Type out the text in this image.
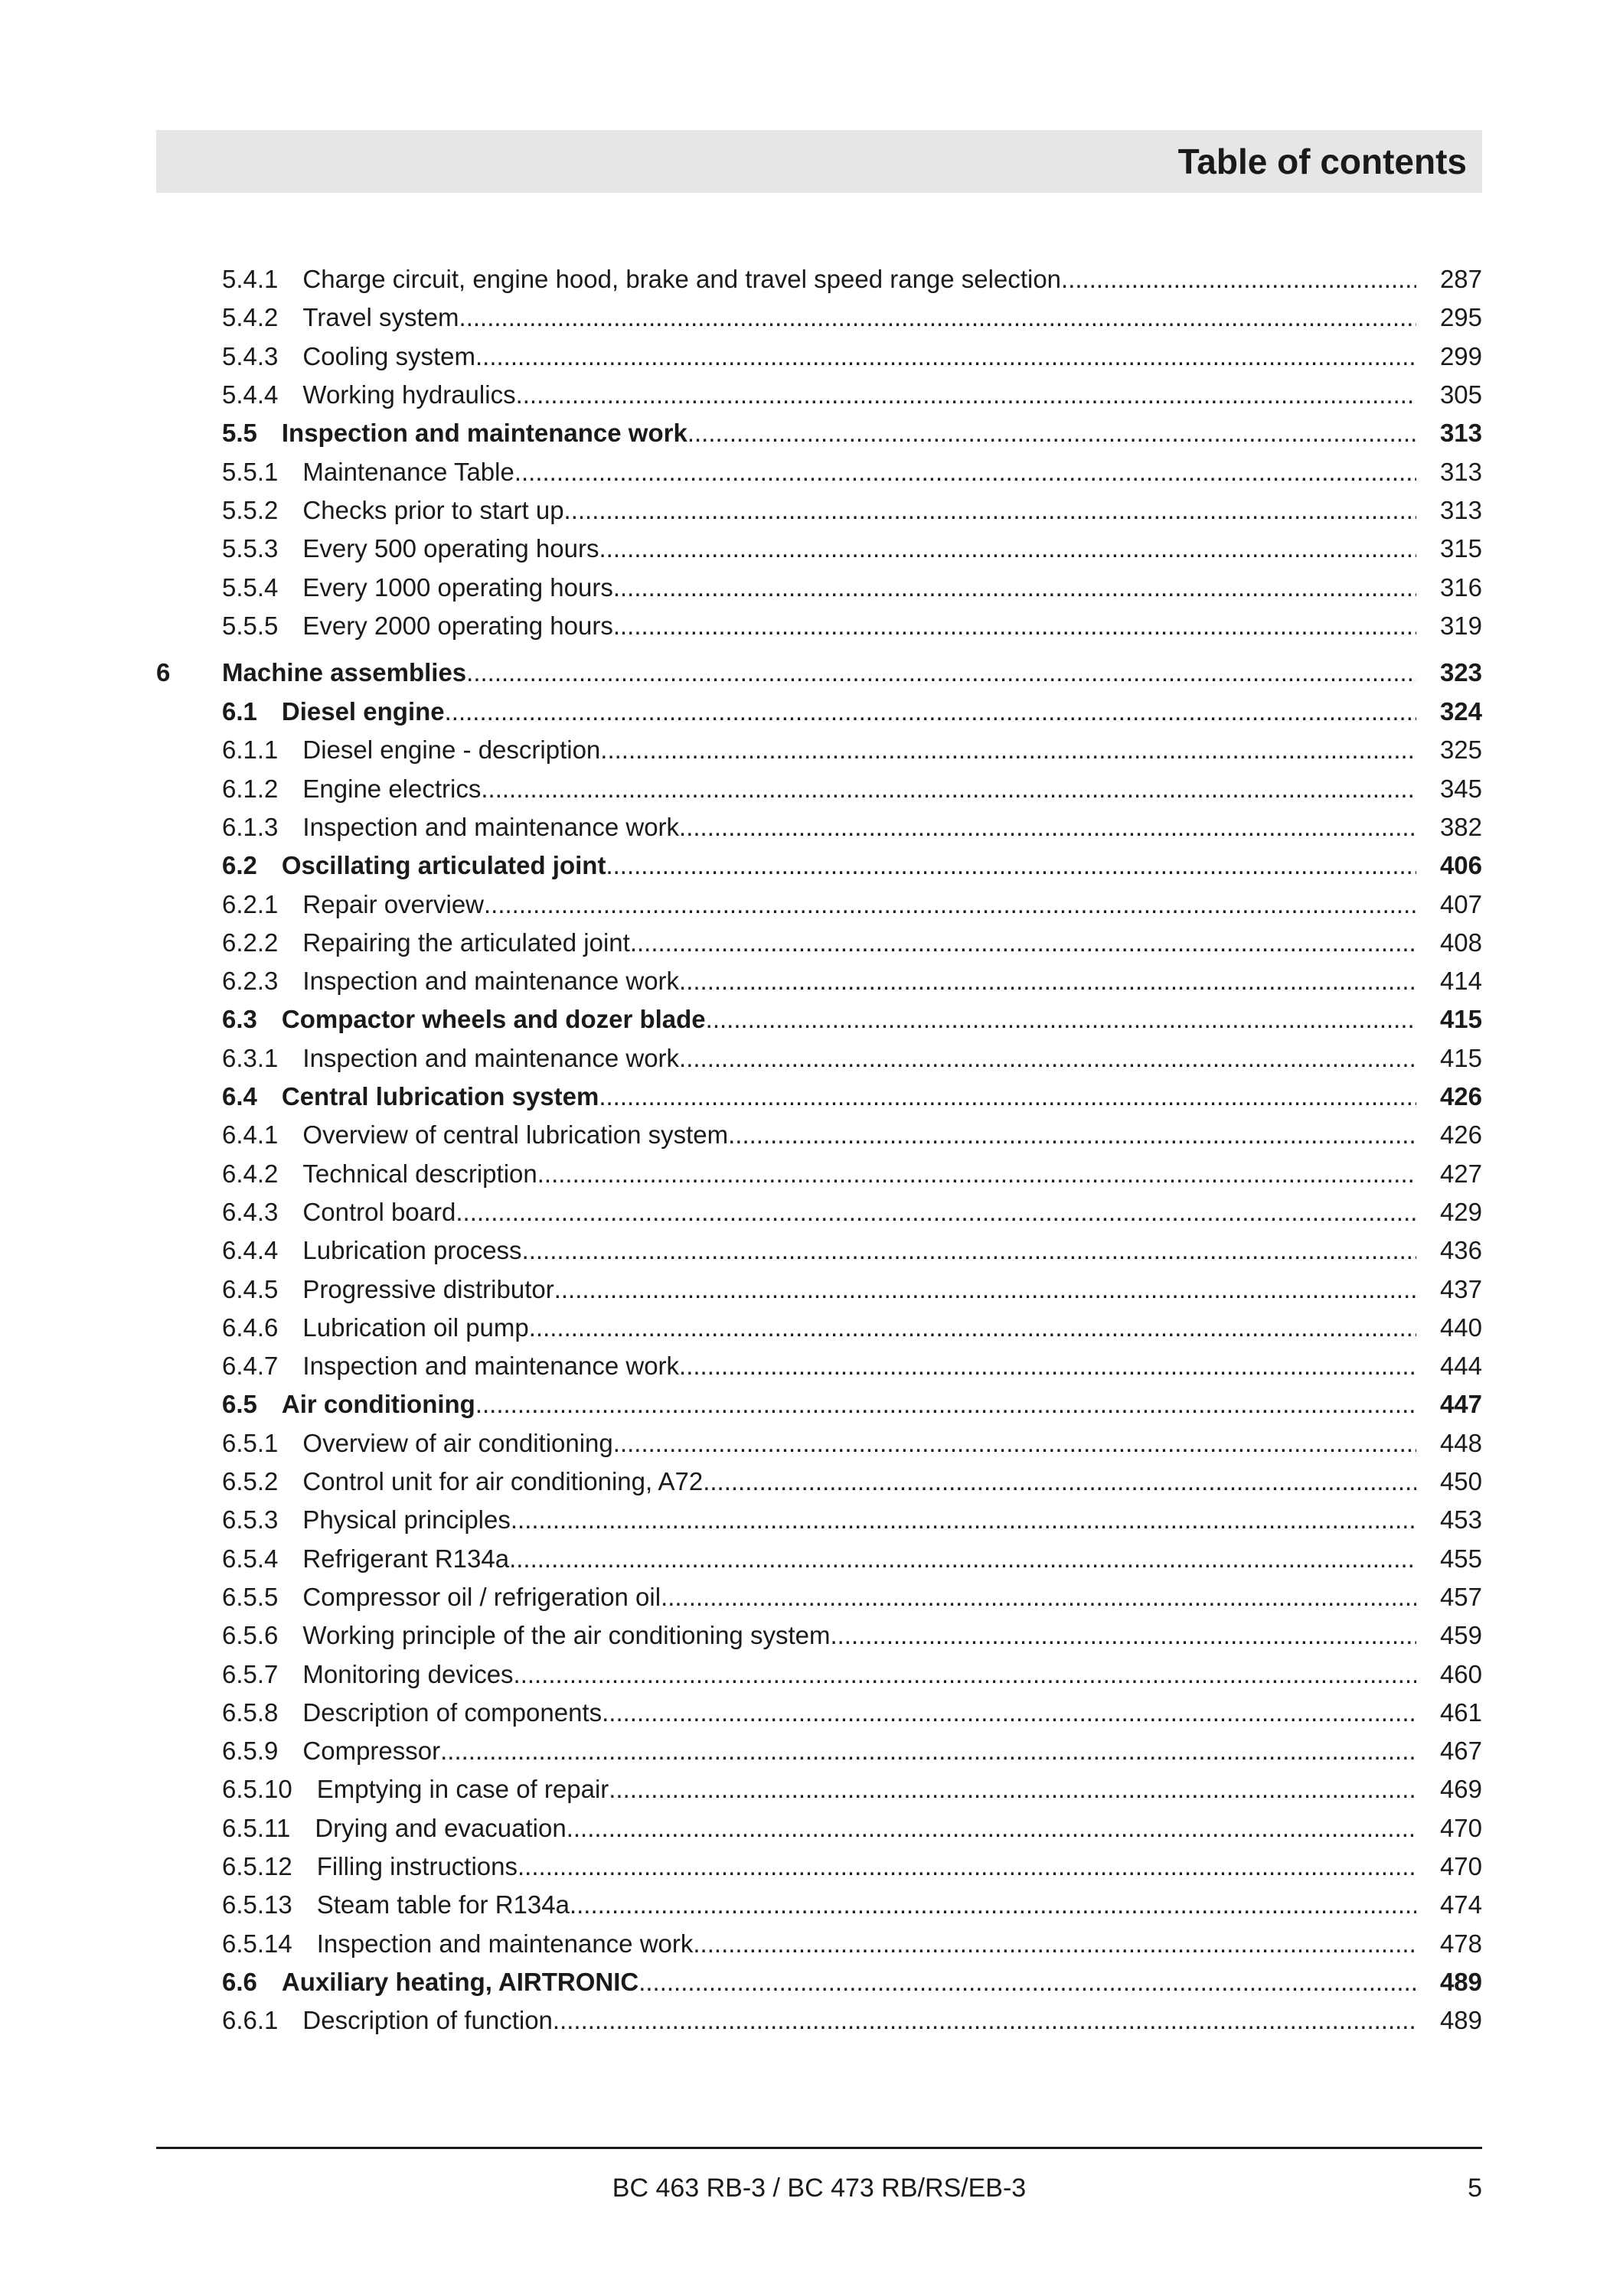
Table of contents
5.4.1 Charge circuit, engine hood, brake and travel speed range selection .....	287
5.4.2 Travel system .....	295
5.4.3 Cooling system .....	299
5.4.4 Working hydraulics .....	305
5.5 Inspection and maintenance work .....	313
5.5.1 Maintenance Table .....	313
5.5.2 Checks prior to start up .....	313
5.5.3 Every 500 operating hours .....	315
5.5.4 Every 1000 operating hours .....	316
5.5.5 Every 2000 operating hours .....	319
6 Machine assemblies .....	323
6.1 Diesel engine .....	324
6.1.1 Diesel engine - description .....	325
6.1.2 Engine electrics .....	345
6.1.3 Inspection and maintenance work .....	382
6.2 Oscillating articulated joint .....	406
6.2.1 Repair overview .....	407
6.2.2 Repairing the articulated joint .....	408
6.2.3 Inspection and maintenance work .....	414
6.3 Compactor wheels and dozer blade .....	415
6.3.1 Inspection and maintenance work .....	415
6.4 Central lubrication system .....	426
6.4.1 Overview of central lubrication system .....	426
6.4.2 Technical description .....	427
6.4.3 Control board .....	429
6.4.4 Lubrication process .....	436
6.4.5 Progressive distributor .....	437
6.4.6 Lubrication oil pump .....	440
6.4.7 Inspection and maintenance work .....	444
6.5 Air conditioning .....	447
6.5.1 Overview of air conditioning .....	448
6.5.2 Control unit for air conditioning, A72 .....	450
6.5.3 Physical principles .....	453
6.5.4 Refrigerant R134a .....	455
6.5.5 Compressor oil / refrigeration oil .....	457
6.5.6 Working principle of the air conditioning system .....	459
6.5.7 Monitoring devices .....	460
6.5.8 Description of components .....	461
6.5.9 Compressor .....	467
6.5.10 Emptying in case of repair .....	469
6.5.11 Drying and evacuation .....	470
6.5.12 Filling instructions .....	470
6.5.13 Steam table for R134a .....	474
6.5.14 Inspection and maintenance work .....	478
6.6 Auxiliary heating, AIRTRONIC .....	489
6.6.1 Description of function .....	489
BC 463 RB-3 / BC 473 RB/RS/EB-3	5
